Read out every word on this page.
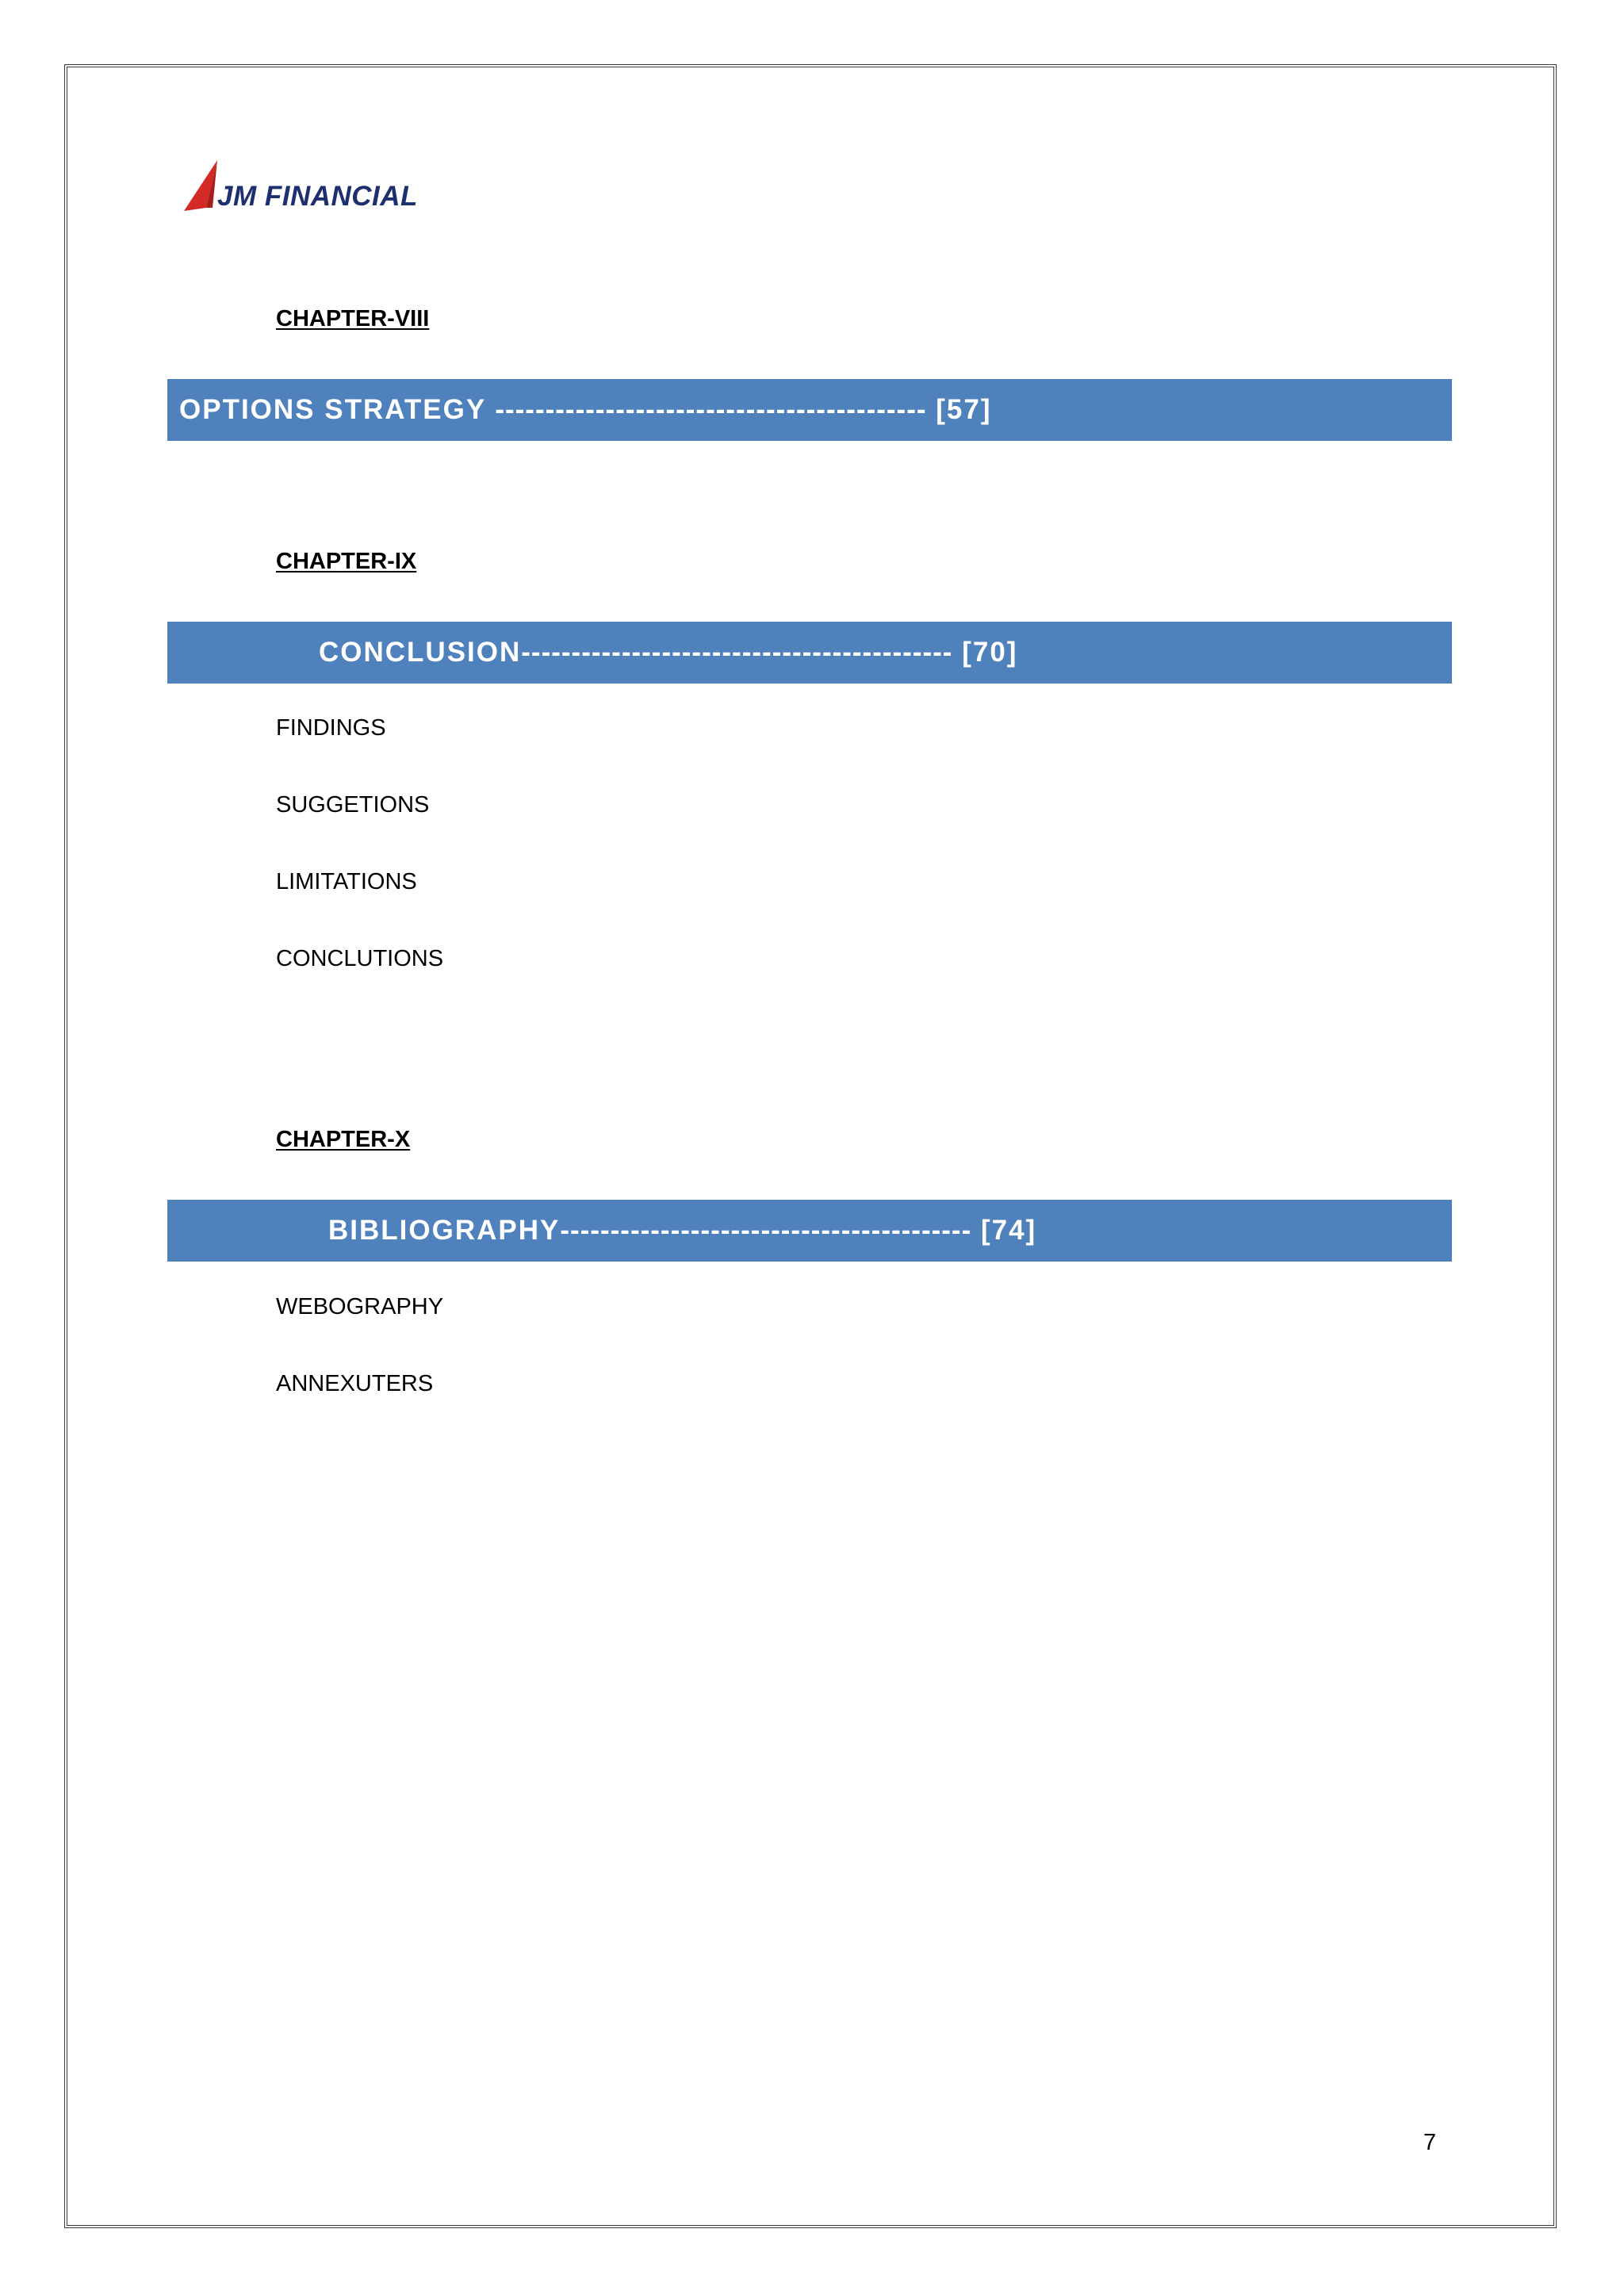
JM FINANCIAL
CHAPTER-VIII
OPTIONS STRATEGY ------------------------------------------- [57]
CHAPTER-IX
CONCLUSION------------------------------------------- [70]
FINDINGS
SUGGETIONS
LIMITATIONS
CONCLUTIONS
CHAPTER-X
BIBLIOGRAPHY----------------------------------------- [74]
WEBOGRAPHY
ANNEXUTERS
7
